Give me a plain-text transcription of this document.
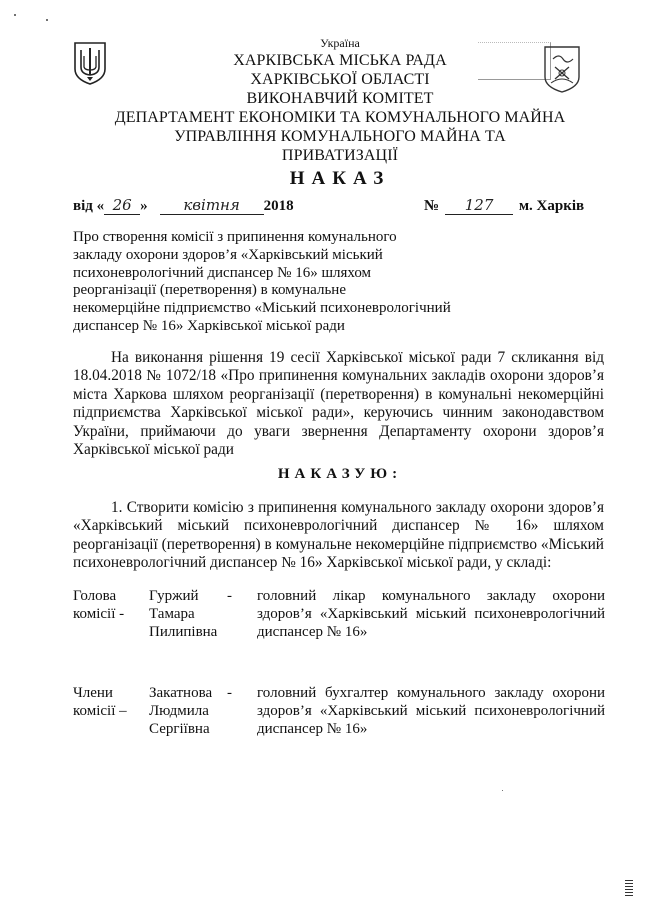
Україна
ХАРКІВСЬКА МІСЬКА РАДА
ХАРКІВСЬКОЇ ОБЛАСТІ
ВИКОНАВЧИЙ КОМІТЕТ
ДЕПАРТАМЕНТ ЕКОНОМІКИ ТА КОМУНАЛЬНОГО МАЙНА
УПРАВЛІННЯ КОМУНАЛЬНОГО МАЙНА ТА
ПРИВАТИЗАЦІЇ
НАКАЗ
від « 26 » квітня 2018	№ 127 м. Харків
Про створення комісії з припинення комунального
закладу охорони здоров’я «Харківський міський
психоневрологічний диспансер № 16» шляхом
реорганізації (перетворення) в комунальне
некомерційне підприємство «Міський психоневрологічний
диспансер № 16» Харківської міської ради
На виконання рішення 19 сесії Харківської міської ради 7 скликання від 18.04.2018 № 1072/18 «Про припинення комунальних закладів охорони здоров’я міста Харкова шляхом реорганізації (перетворення) в комунальні некомерційні підприємства Харківської міської ради», керуючись чинним законодавством України, приймаючи до уваги звернення Департаменту охорони здоров’я Харківської міської ради
НАКАЗУЮ:
1. Створити комісію з припинення комунального закладу охорони здоров’я «Харківський міський психоневрологічний диспансер № 16» шляхом реорганізації (перетворення) в комунальне некомерційне підприємство «Міський психоневрологічний диспансер № 16» Харківської міської ради, у складі:
Голова
комісії -
Гуржий
Тамара
Пилипівна
- головний лікар комунального закладу охорони здоров’я «Харківський міський психоневрологічний диспансер № 16»
Члени
комісії –
Закатнова
Людмила
Сергіївна
- головний бухгалтер комунального закладу охорони здоров’я «Харківський міський психоневрологічний диспансер № 16»
